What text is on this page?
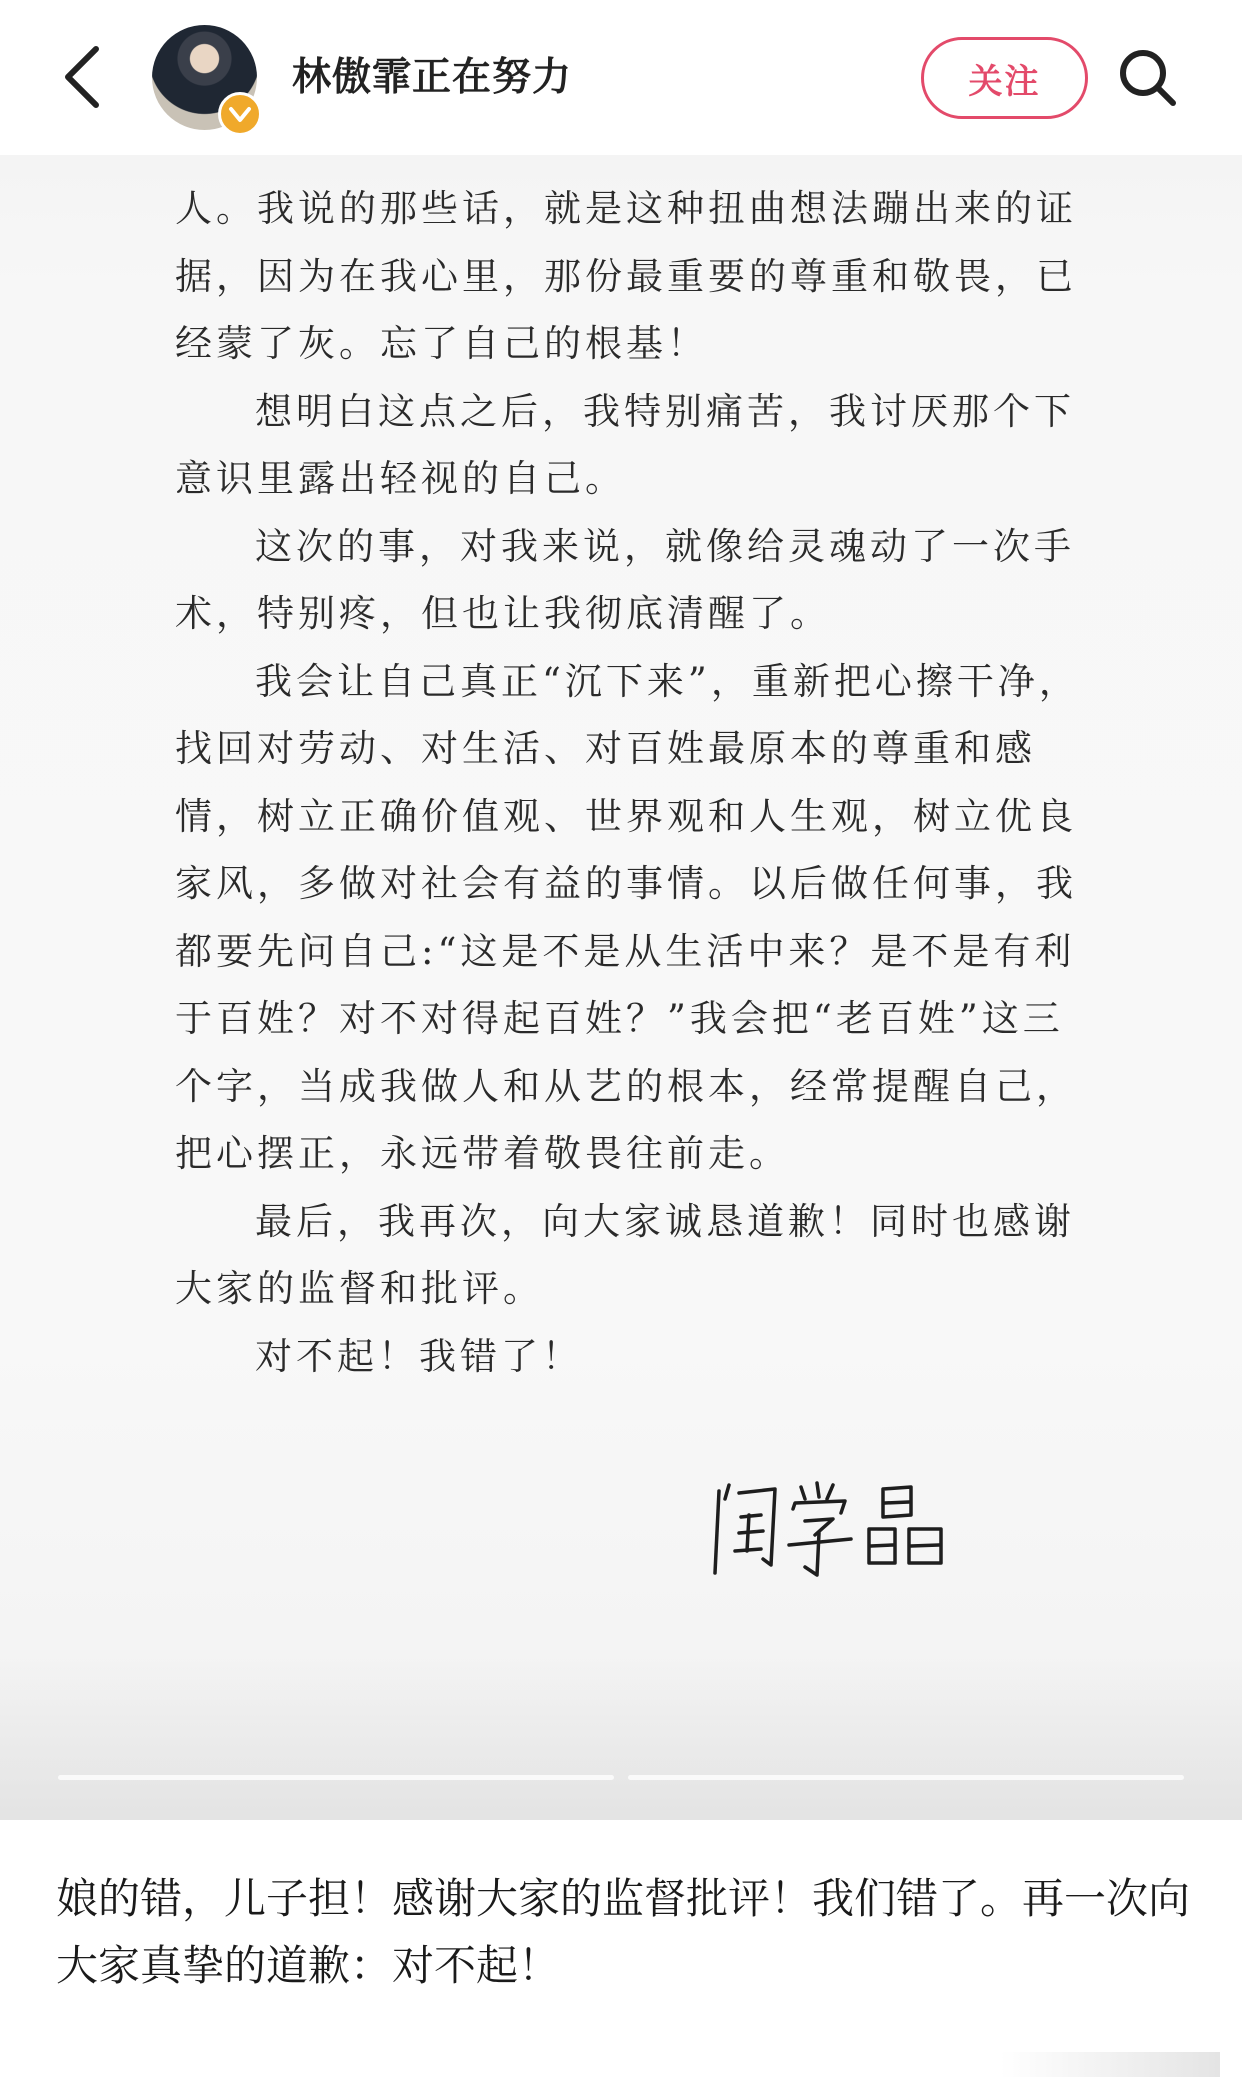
林傲霏正在努力	关注

人。我说的那些话，就是这种扭曲想法蹦出来的证据，因为在我心里，那份最重要的尊重和敬畏，已经蒙了灰。忘了自己的根基！

想明白这点之后，我特别痛苦，我讨厌那个下意识里露出轻视的自己。

这次的事，对我来说，就像给灵魂动了一次手术，特别疼，但也让我彻底清醒了。

我会让自己真正“沉下来”，重新把心擦干净，找回对劳动、对生活、对百姓最原本的尊重和感情，树立正确价值观、世界观和人生观，树立优良家风，多做对社会有益的事情。以后做任何事，我都要先问自己:“这是不是从生活中来？是不是有利于百姓？对不对得起百姓？”我会把“老百姓”这三个字，当成我做人和从艺的根本，经常提醒自己，把心摆正，永远带着敬畏往前走。

最后，我再次，向大家诚恳道歉！同时也感谢大家的监督和批评。

对不起！我错了！

娘的错，儿子担！感谢大家的监督批评！我们错了。再一次向大家真挚的道歉：对不起！
